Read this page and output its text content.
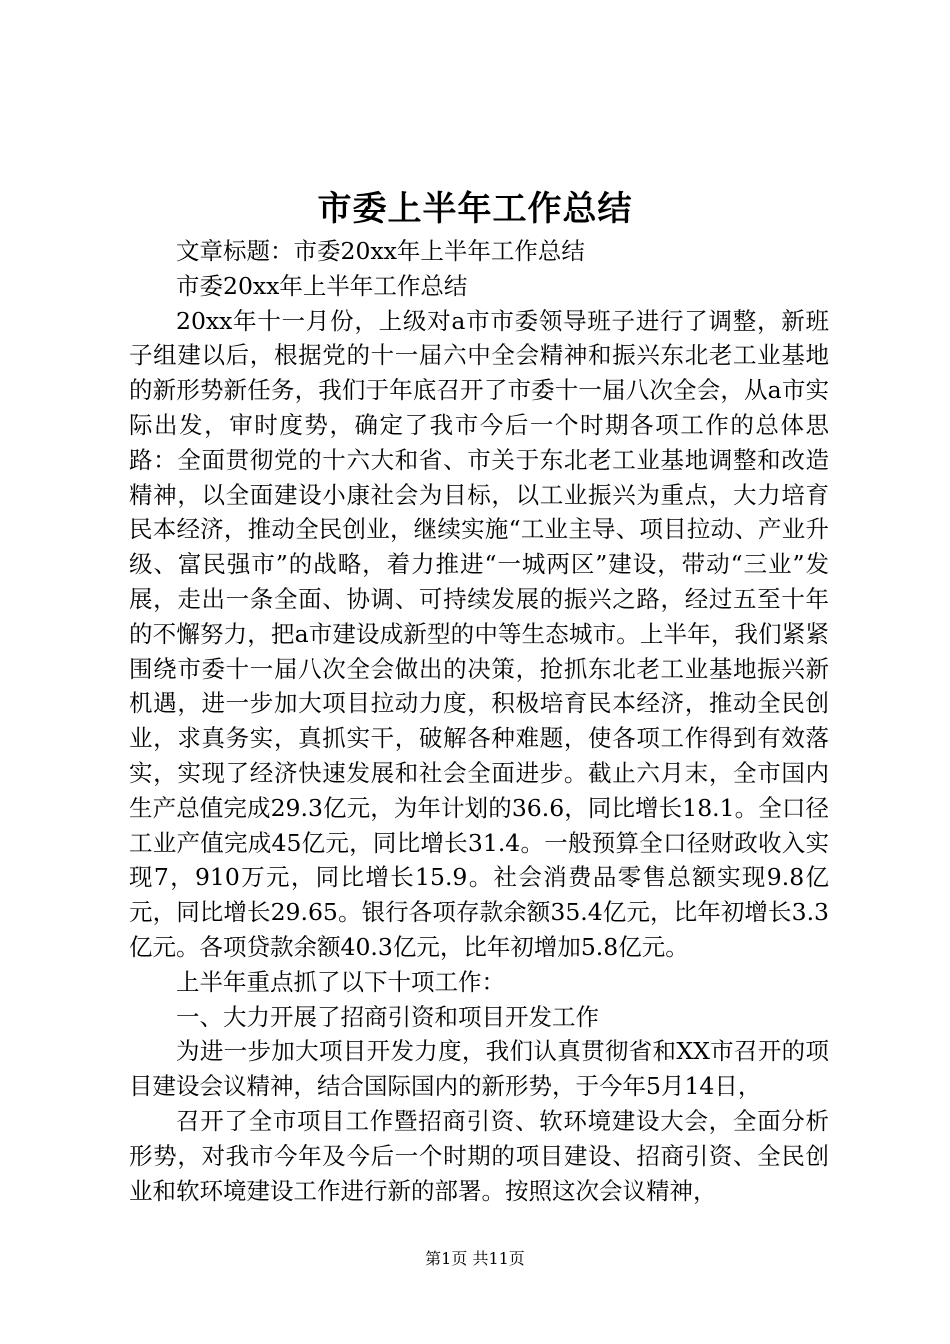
市委上半年工作总结

文章标题：市委20xx年上半年工作总结

市委20xx年上半年工作总结

20xx年十一月份，上级对a市市委领导班子进行了调整，新班子组建以后，根据党的十一届六中全会精神和振兴东北老工业基地的新形势新任务，我们于年底召开了市委十一届八次全会，从a市实际出发，审时度势，确定了我市今后一个时期各项工作的总体思路：全面贯彻党的十六大和省、市关于东北老工业基地调整和改造精神，以全面建设小康社会为目标，以工业振兴为重点，大力培育民本经济，推动全民创业，继续实施“工业主导、项目拉动、产业升级、富民强市”的战略，着力推进“一城两区”建设，带动“三业”发展，走出一条全面、协调、可持续发展的振兴之路，经过五至十年的不懈努力，把a市建设成新型的中等生态城市。上半年，我们紧紧围绕市委十一届八次全会做出的决策，抢抓东北老工业基地振兴新机遇，进一步加大项目拉动力度，积极培育民本经济，推动全民创业，求真务实，真抓实干，破解各种难题，使各项工作得到有效落实，实现了经济快速发展和社会全面进步。截止六月末，全市国内生产总值完成29.3亿元，为年计划的36.6，同比增长18.1。全口径工业产值完成45亿元，同比增长31.4。一般预算全口径财政收入实现7，910万元，同比增长15.9。社会消费品零售总额实现9.8亿元，同比增长29.65。银行各项存款余额35.4亿元，比年初增长3.3亿元。各项贷款余额40.3亿元，比年初增加5.8亿元。

上半年重点抓了以下十项工作：

一、大力开展了招商引资和项目开发工作

为进一步加大项目开发力度，我们认真贯彻省和XX市召开的项目建设会议精神，结合国际国内的新形势，于今年5月14日，

召开了全市项目工作暨招商引资、软环境建设大会，全面分析形势，对我市今年及今后一个时期的项目建设、招商引资、全民创业和软环境建设工作进行新的部署。按照这次会议精神，

第1页 共11页
